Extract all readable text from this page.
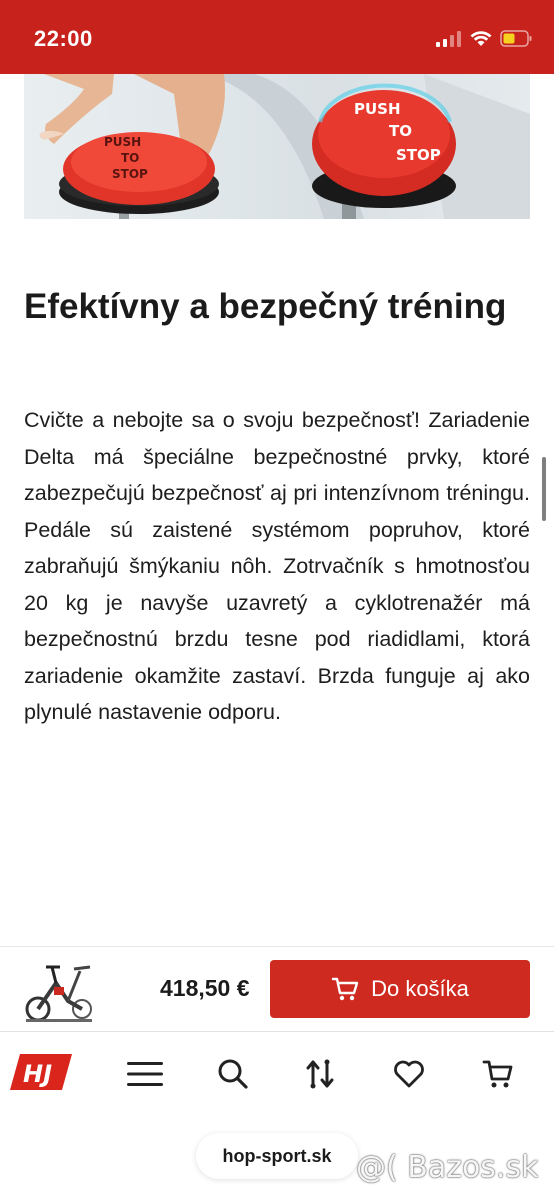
22:00
PUSH
TO
STOP
PUSH
TO
STOP
Efektívny a bezpečný tréning

Cvičte a nebojte sa o svoju bezpečnosť! Zariadenie Delta má špeciálne bezpečnostné prvky, ktoré zabezpečujú bezpečnosť aj pri intenzívnom tréningu. Pedále sú zaistené systémom popruhov, ktoré zabraňujú šmýkaniu nôh. Zotrvačník s hmotnosťou 20 kg je navyše uzavretý a cyklotrenažér má bezpečnostnú brzdu tesne pod riadidlami, ktorá zariadenie okamžite zastaví. Brzda funguje aj ako plynulé nastavenie odporu.

418,50 €	Do košíka
HJ
hop-sport.sk @( Bazos.sk
